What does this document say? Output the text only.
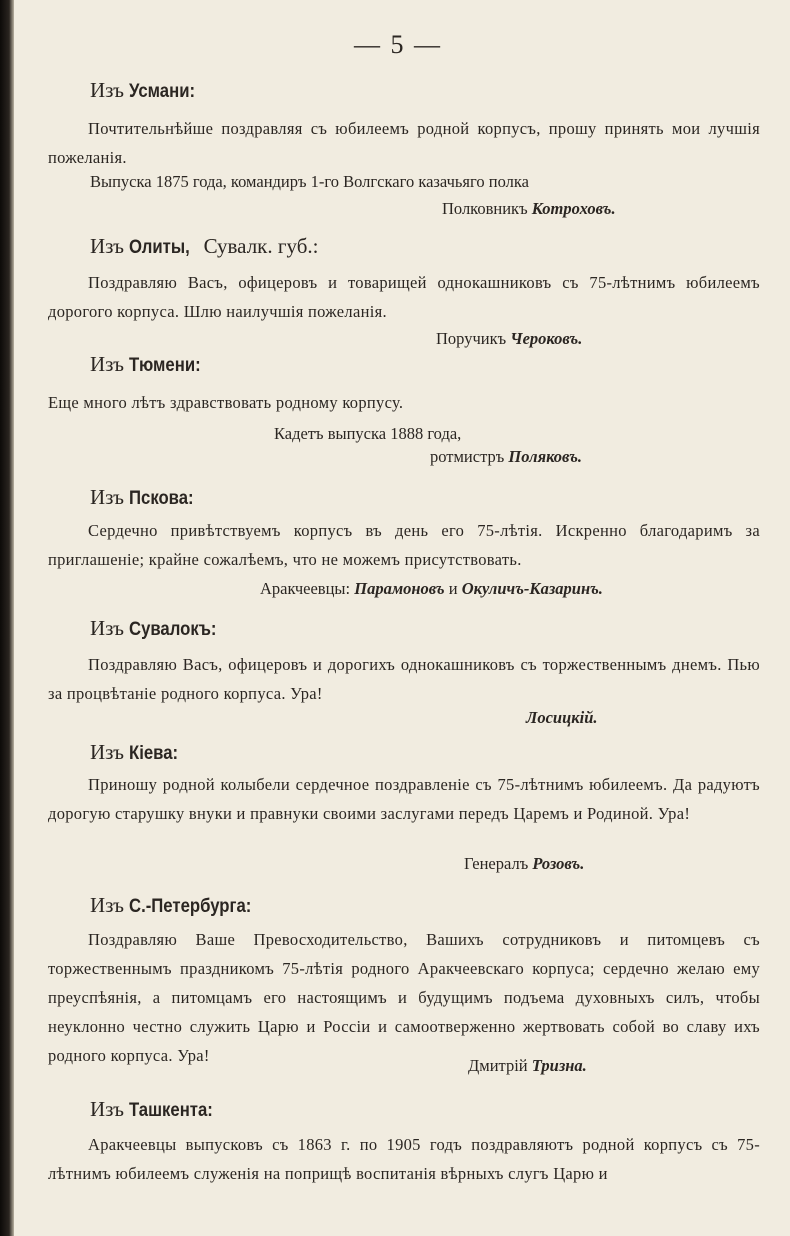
— 5 —
Изъ Усмани:

Почтительнѣйше поздравляя съ юбилеемъ родной корпусъ, прошу принять мои лучшія пожеланія.

Выпуска 1875 года, командиръ 1-го Волгскаго казачьяго полка
Полковникъ Котроховъ.
Изъ Олиты, Сувалк. губ.:

Поздравляю Васъ, офицеровъ и товарищей однокашниковъ съ 75-лѣтнимъ юбилеемъ дорогого корпуса. Шлю наилучшія пожеланія.

Поручикъ Чероковъ.
Изъ Тюмени:

Еще много лѣтъ здравствовать родному корпусу.

Кадетъ выпуска 1888 года,
ротмистръ Поляковъ.
Изъ Пскова:

Сердечно привѣтствуемъ корпусъ въ день его 75-лѣтія. Искренно благодаримъ за приглашеніе; крайне сожалѣемъ, что не можемъ присутствовать.

Аракчеевцы: Парамоновъ и Окуличъ-Казаринъ.
Изъ Сувалокъ:

Поздравляю Васъ, офицеровъ и дорогихъ однокашниковъ съ торжественнымъ днемъ. Пью за процвѣтаніе родного корпуса. Ура!

Лосицкій.
Изъ Кіева:

Приношу родной колыбели сердечное поздравленіе съ 75-лѣтнимъ юбилеемъ. Да радуютъ дорогую старушку внуки и правнуки своими заслугами передъ Царемъ и Родиной. Ура!

Генералъ Розовъ.
Изъ С.-Петербурга:

Поздравляю Ваше Превосходительство, Вашихъ сотрудниковъ и питомцевъ съ торжественнымъ праздникомъ 75-лѣтія родного Аракчеевскаго корпуса; сердечно желаю ему преуспѣянія, а питомцамъ его настоящимъ и будущимъ подъема духовныхъ силъ, чтобы неуклонно честно служить Царю и Россіи и самоотверженно жертвовать собой во славу ихъ родного корпуса. Ура!

Дмитрій Тризна.
Изъ Ташкента:

Аракчеевцы выпусковъ съ 1863 г. по 1905 годъ поздравляютъ родной корпусъ съ 75-лѣтнимъ юбилеемъ служенія на поприщѣ воспитанія вѣрныхъ слугъ Царю и
